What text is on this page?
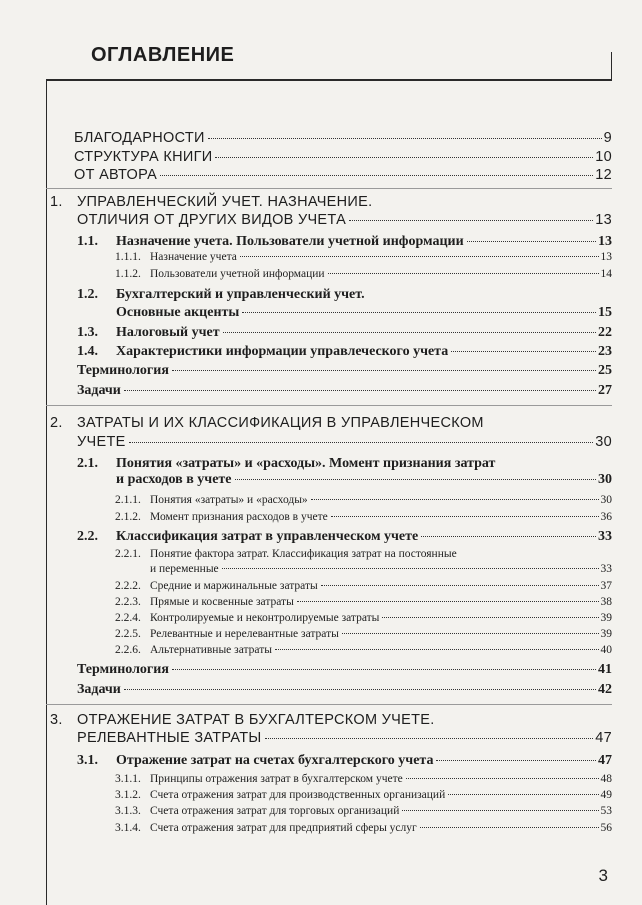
ОГЛАВЛЕНИЕ
БЛАГОДАРНОСТИ	9
СТРУКТУРА КНИГИ	10
ОТ АВТОРА	12
1. УПРАВЛЕНЧЕСКИЙ УЧЕТ. НАЗНАЧЕНИЕ.
ОТЛИЧИЯ ОТ ДРУГИХ ВИДОВ УЧЕТА	13
1.1. Назначение учета. Пользователи учетной информации	13
1.1.1. Назначение учета	13
1.1.2. Пользователи учетной информации	14
1.2. Бухгалтерский и управленческий учет.
Основные акценты	15
1.3. Налоговый учет	22
1.4. Характеристики информации управлеческого учета	23
Терминология	25
Задачи	27
2. ЗАТРАТЫ И ИХ КЛАССИФИКАЦИЯ В УПРАВЛЕНЧЕСКОМ
УЧЕТЕ	30
2.1. Понятия «затраты» и «расходы». Момент признания затрат
и расходов в учете	30
2.1.1. Понятия «затраты» и «расходы»	30
2.1.2. Момент признания расходов в учете	36
2.2. Классификация затрат в управленческом учете	33
2.2.1. Понятие фактора затрат. Классификация затрат на постоянные
и переменные	33
2.2.2. Средние и маржинальные затраты	37
2.2.3. Прямые и косвенные затраты	38
2.2.4. Контролируемые и неконтролируемые затраты	39
2.2.5. Релевантные и нерелевантные затраты	39
2.2.6. Альтернативные затраты	40
Терминология	41
Задачи	42
3. ОТРАЖЕНИЕ ЗАТРАТ В БУХГАЛТЕРСКОМ УЧЕТЕ.
РЕЛЕВАНТНЫЕ ЗАТРАТЫ	47
3.1. Отражение затрат на счетах бухгалтерского учета	47
3.1.1. Принципы отражения затрат в бухгалтерском учете	48
3.1.2. Счета отражения затрат для производственных организаций	49
3.1.3. Счета отражения затрат для торговых организаций	53
3.1.4. Счета отражения затрат для предприятий сферы услуг	56
3
